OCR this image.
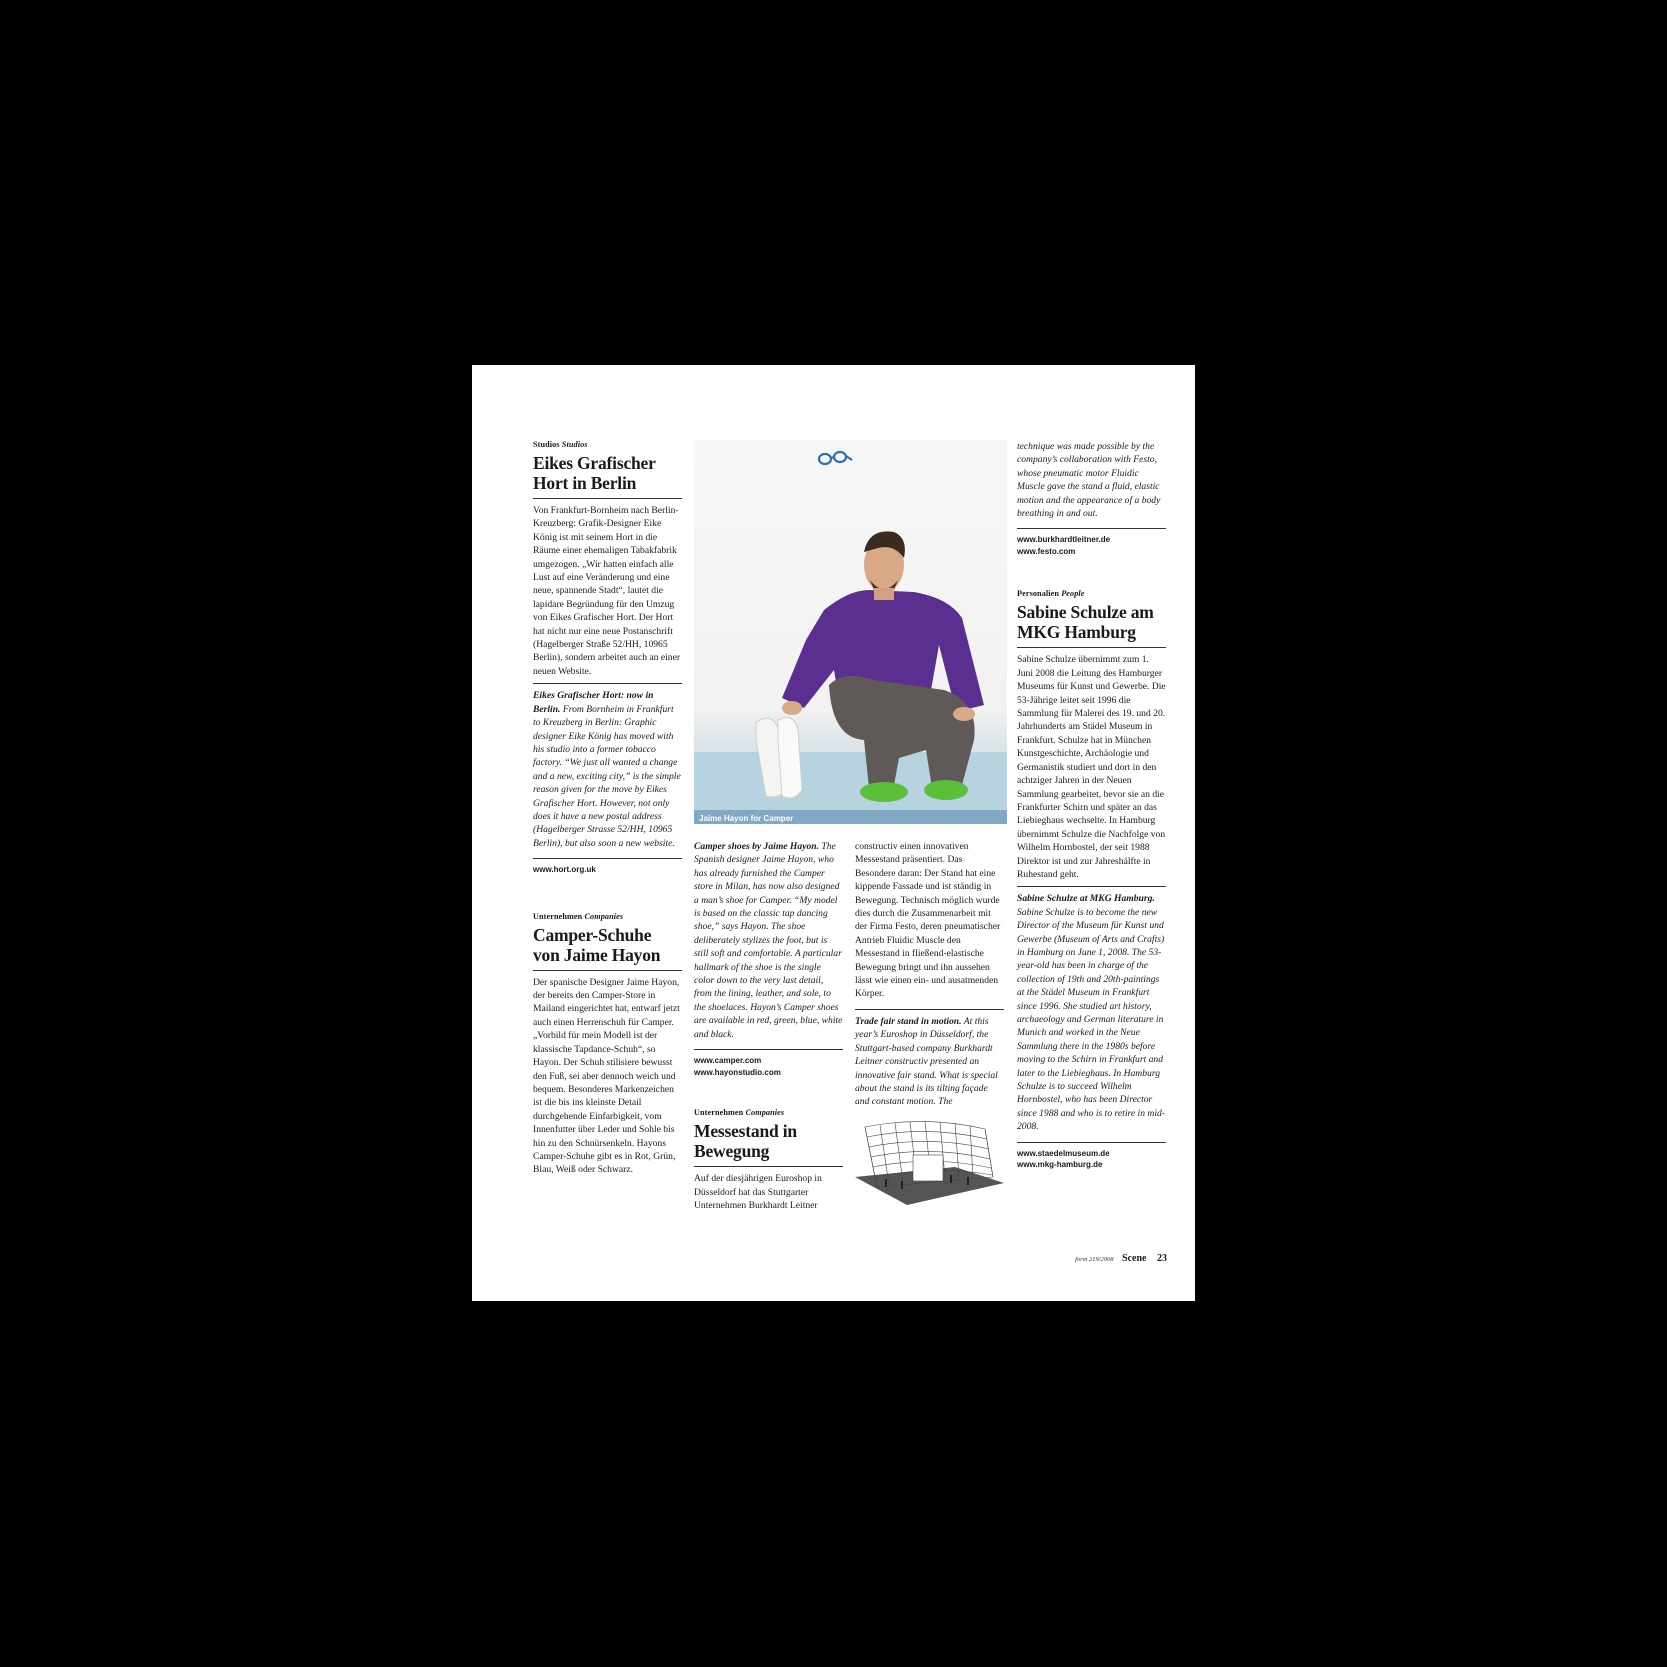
Studios Studios
Eikes Grafischer
Hort in Berlin

Von Frankfurt-Bornheim nach Berlin-Kreuzberg: Grafik-Designer Eike König ist mit seinem Hort in die Räume einer ehemaligen Tabakfabrik umgezogen. „Wir hatten einfach alle Lust auf eine Veränderung und eine neue, spannende Stadt“, lautet die lapidare Begründung für den Umzug von Eikes Grafischer Hort. Der Hort hat nicht nur eine neue Postanschrift (Hagelberger Straße 52/HH, 10965 Berlin), sondern arbeitet auch an einer neuen Website.

Eikes Grafischer Hort: now in Berlin. From Bornheim in Frankfurt to Kreuzberg in Berlin: Graphic designer Eike König has moved with his studio into a former tobacco factory. “We just all wanted a change and a new, exciting city,” is the simple reason given for the move by Eikes Grafischer Hort. However, not only does it have a new postal address (Hagelberger Strasse 52/HH, 10965 Berlin), but also soon a new website.

www.hort.org.uk
Unternehmen Companies
Camper-Schuhe
von Jaime Hayon

Der spanische Designer Jaime Hayon, der bereits den Camper-Store in Mailand eingerichtet hat, entwarf jetzt auch einen Herrenschuh für Camper. „Vorbild für mein Modell ist der klassische Tapdance-Schuh“, so Hayon. Der Schuh stilisiere bewusst den Fuß, sei aber dennoch weich und bequem. Besonderes Markenzeichen ist die bis ins kleinste Detail durchgehende Einfarbigkeit, vom Innenfutter über Leder und Sohle bis hin zu den Schnürsenkeln. Hayons Camper-Schuhe gibt es in Rot, Grün, Blau, Weiß oder Schwarz.

Jaime Hayon for Camper

Camper shoes by Jaime Hayon. The Spanish designer Jaime Hayon, who has already furnished the Camper store in Milan, has now also designed a man’s shoe for Camper. “My model is based on the classic tap dancing shoe,” says Hayon. The shoe deliberately stylizes the foot, but is still soft and comfortable. A particular hallmark of the shoe is the single color down to the very last detail, from the lining, leather, and sole, to the shoelaces. Hayon’s Camper shoes are available in red, green, blue, white and black.

www.camper.com
www.hayonstudio.com
Unternehmen Companies
Messestand in
Bewegung

Auf der diesjährigen Euroshop in Düsseldorf hat das Stuttgarter Unternehmen Burkhardt Leitner

constructiv einen innovativen Messestand präsentiert. Das Besondere daran: Der Stand hat eine kippende Fassade und ist ständig in Bewegung. Technisch möglich wurde dies durch die Zusammenarbeit mit der Firma Festo, deren pneumatischer Antrieb Fluidic Muscle den Messestand in fließend-elastische Bewegung bringt und ihn aussehen lässt wie einen ein- und ausatmenden Körper.

Trade fair stand in motion. At this year’s Euroshop in Düsseldorf, the Stuttgart-based company Burkhardt Leitner constructiv presented an innovative fair stand. What is special about the stand is its tilting façade and constant motion. The

technique was made possible by the company’s collaboration with Festo, whose pneumatic motor Fluidic Muscle gave the stand a fluid, elastic motion and the appearance of a body breathing in and out.

www.burkhardtleitner.de
www.festo.com
Personalien People
Sabine Schulze am
MKG Hamburg

Sabine Schulze übernimmt zum 1. Juni 2008 die Leitung des Hamburger Museums für Kunst und Gewerbe. Die 53-Jährige leitet seit 1996 die Sammlung für Malerei des 19. und 20. Jahrhunderts am Städel Museum in Frankfurt. Schulze hat in München Kunstgeschichte, Archäologie und Germanistik studiert und dort in den achtziger Jahren in der Neuen Sammlung gearbeitet, bevor sie an die Frankfurter Schirn und später an das Liebieghaus wechselte. In Hamburg übernimmt Schulze die Nachfolge von Wilhelm Hornbostel, der seit 1988 Direktor ist und zur Jahreshälfte in Ruhestand geht.

Sabine Schulze at MKG Hamburg. Sabine Schulze is to become the new Director of the Museum für Kunst und Gewerbe (Museum of Arts and Crafts) in Hamburg on June 1, 2008. The 53-year-old has been in charge of the collection of 19th and 20th-paintings at the Städel Museum in Frankfurt since 1996. She studied art history, archaeology and German literature in Munich and worked in the Neue Sammlung there in the 1980s before moving to the Schirn in Frankfurt and later to the Liebieghaus. In Hamburg Schulze is to succeed Wilhelm Hornbostel, who has been Director since 1988 and who is to retire in mid-2008.

www.staedelmuseum.de
www.mkg-hamburg.de
form 219/2008 Scene 23
